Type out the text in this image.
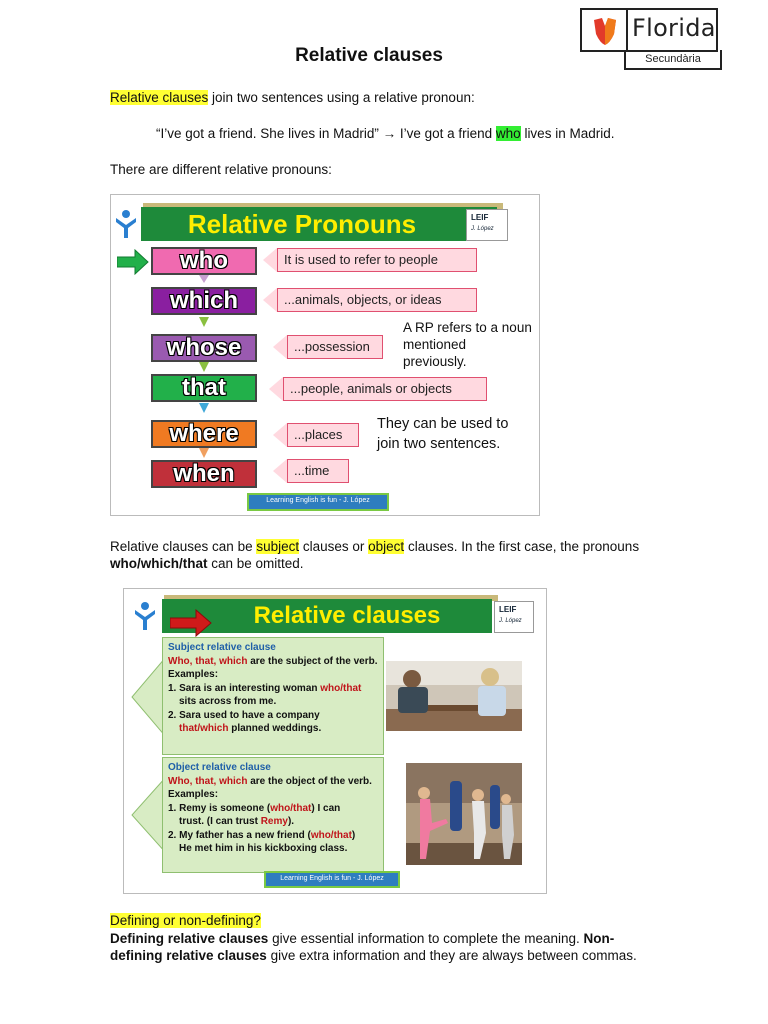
Florida
Secundària
Relative clauses

Relative clauses join two sentences using a relative pronoun:

“I’ve got a friend. She lives in Madrid” → I’ve got a friend who lives in Madrid.

There are different relative pronouns:

Relative Pronouns	LEIF
J. López
who
which
whose
that
where
when
It is used to refer to people
...animals, objects, or ideas
...possession
...people, animals or objects
...places
...time
A RP refers to a noun mentioned previously.
They can be used to join two sentences.
Learning English is fun - J. López

Relative clauses can be subject clauses or object clauses. In the first case, the pronouns
who/which/that can be omitted.

Relative clauses	LEIF
J. López
Subject relative clause
Who, that, which are the subject of the verb.
Examples:
1. Sara is an interesting woman who/that
sits across from me.
2. Sara used to have a company
that/which planned weddings.
Object relative clause
Who, that, which are the object of the verb.
Examples:
1. Remy is someone (who/that) I can
trust. (I can trust Remy).
2. My father has a new friend (who/that)
He met him in his kickboxing class.
Learning English is fun - J. López

Defining or non-defining?

Defining relative clauses give essential information to complete the meaning. Non-
defining relative clauses give extra information and they are always between commas.
